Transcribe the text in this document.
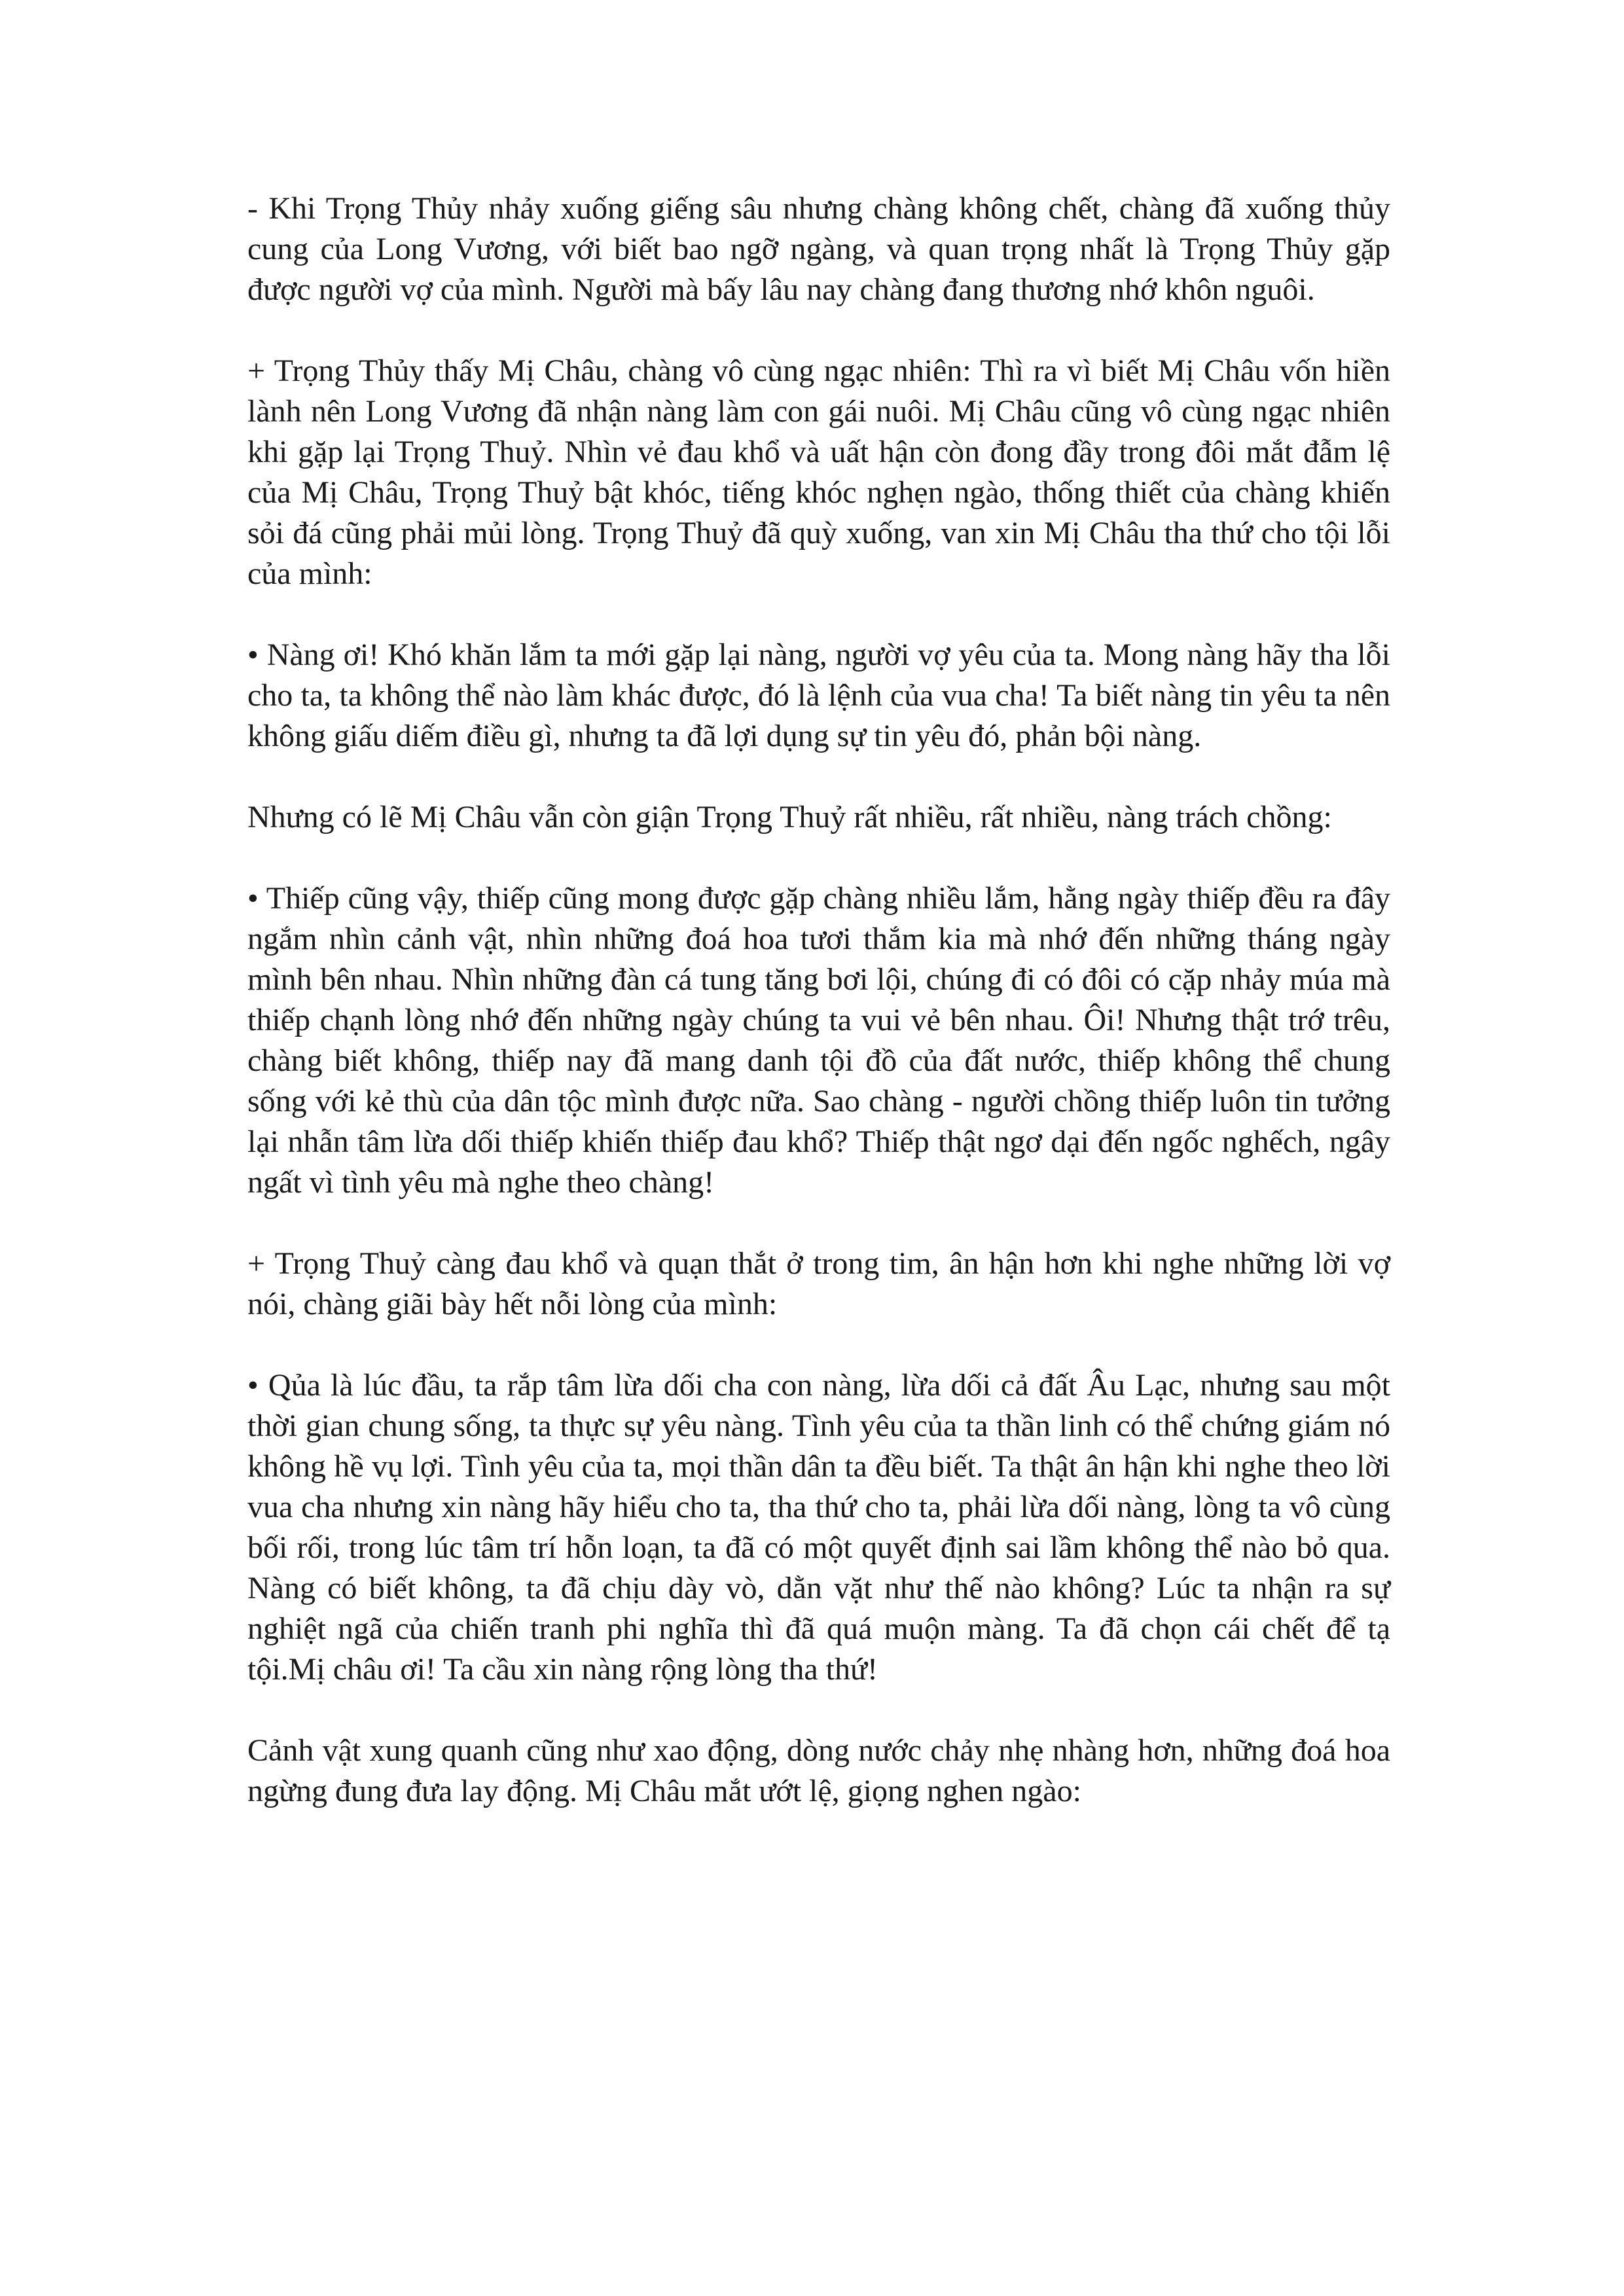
- Khi Trọng Thủy nhảy xuống giếng sâu nhưng chàng không chết, chàng đã xuống thủy cung của Long Vương, với biết bao ngỡ ngàng, và quan trọng nhất là Trọng Thủy gặp được người vợ của mình. Người mà bấy lâu nay chàng đang thương nhớ khôn nguôi.

+ Trọng Thủy thấy Mị Châu, chàng vô cùng ngạc nhiên: Thì ra vì biết Mị Châu vốn hiền lành nên Long Vương đã nhận nàng làm con gái nuôi. Mị Châu cũng vô cùng ngạc nhiên khi gặp lại Trọng Thuỷ. Nhìn vẻ đau khổ và uất hận còn đong đầy trong đôi mắt đẫm lệ của Mị Châu, Trọng Thuỷ bật khóc, tiếng khóc nghẹn ngào, thống thiết của chàng khiến sỏi đá cũng phải mủi lòng. Trọng Thuỷ đã quỳ xuống, van xin Mị Châu tha thứ cho tội lỗi của mình:

• Nàng ơi! Khó khăn lắm ta mới gặp lại nàng, người vợ yêu của ta. Mong nàng hãy tha lỗi cho ta, ta không thể nào làm khác được, đó là lệnh của vua cha! Ta biết nàng tin yêu ta nên không giấu diếm điều gì, nhưng ta đã lợi dụng sự tin yêu đó, phản bội nàng.

Nhưng có lẽ Mị Châu vẫn còn giận Trọng Thuỷ rất nhiều, rất nhiều, nàng trách chồng:

• Thiếp cũng vậy, thiếp cũng mong được gặp chàng nhiều lắm, hằng ngày thiếp đều ra đây ngắm nhìn cảnh vật, nhìn những đoá hoa tươi thắm kia mà nhớ đến những tháng ngày mình bên nhau. Nhìn những đàn cá tung tăng bơi lội, chúng đi có đôi có cặp nhảy múa mà thiếp chạnh lòng nhớ đến những ngày chúng ta vui vẻ bên nhau. Ôi! Nhưng thật trớ trêu, chàng biết không, thiếp nay đã mang danh tội đồ của đất nước, thiếp không thể chung sống với kẻ thù của dân tộc mình được nữa. Sao chàng - người chồng thiếp luôn tin tưởng lại nhẫn tâm lừa dối thiếp khiến thiếp đau khổ? Thiếp thật ngơ dại đến ngốc nghếch, ngây ngất vì tình yêu mà nghe theo chàng!

+ Trọng Thuỷ càng đau khổ và quạn thắt ở trong tim, ân hận hơn khi nghe những lời vợ nói, chàng giãi bày hết nỗi lòng của mình:

• Qủa là lúc đầu, ta rắp tâm lừa dối cha con nàng, lừa dối cả đất Âu Lạc, nhưng sau một thời gian chung sống, ta thực sự yêu nàng. Tình yêu của ta thần linh có thể chứng giám nó không hề vụ lợi. Tình yêu của ta, mọi thần dân ta đều biết. Ta thật ân hận khi nghe theo lời vua cha nhưng xin nàng hãy hiểu cho ta, tha thứ cho ta, phải lừa dối nàng, lòng ta vô cùng bối rối, trong lúc tâm trí hỗn loạn, ta đã có một quyết định sai lầm không thể nào bỏ qua. Nàng có biết không, ta đã chịu dày vò, dằn vặt như thế nào không? Lúc ta nhận ra sự nghiệt ngã của chiến tranh phi nghĩa thì đã quá muộn màng. Ta đã chọn cái chết để tạ tội.Mị châu ơi! Ta cầu xin nàng rộng lòng tha thứ!

Cảnh vật xung quanh cũng như xao động, dòng nước chảy nhẹ nhàng hơn, những đoá hoa ngừng đung đưa lay động. Mị Châu mắt ướt lệ, giọng nghen ngào:
